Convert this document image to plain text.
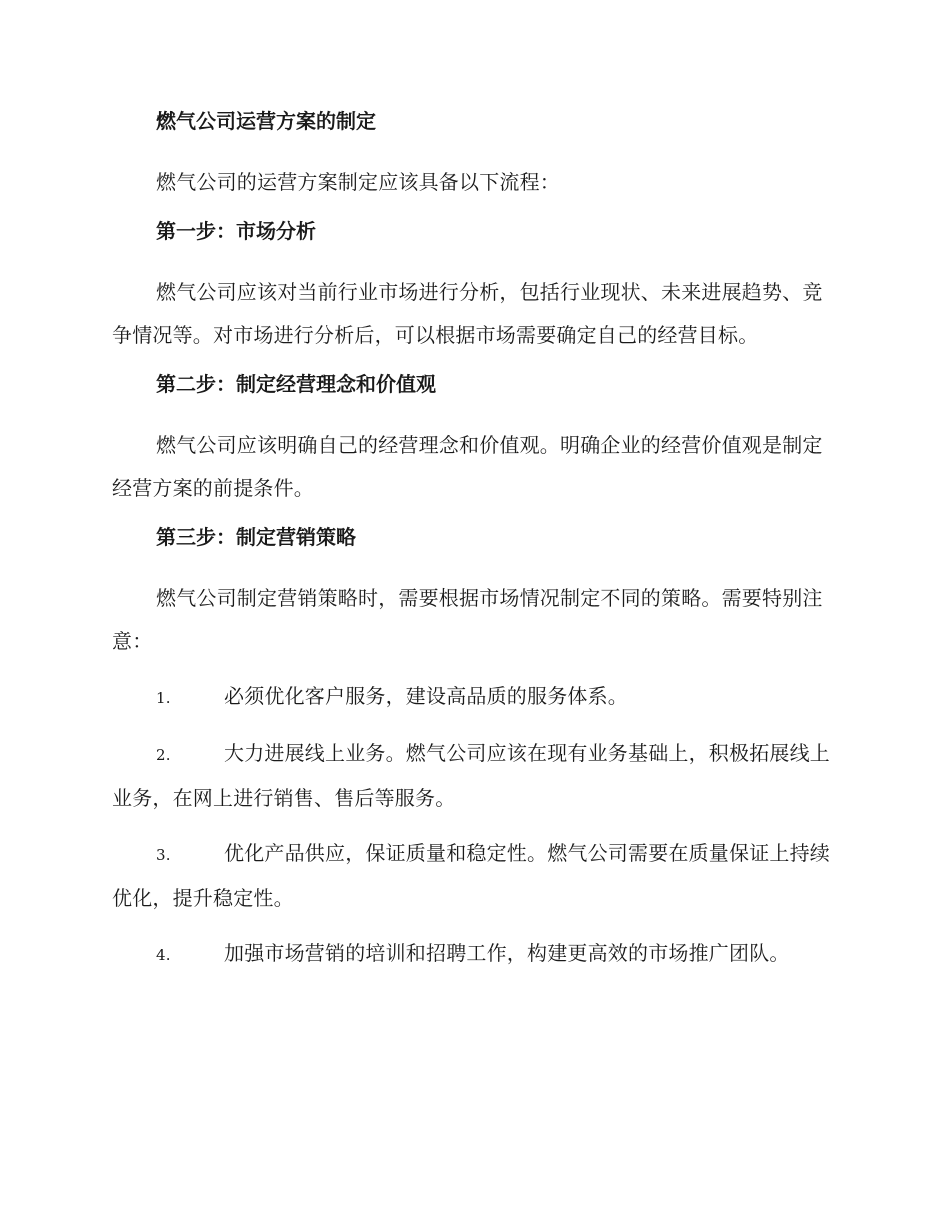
燃气公司运营方案的制定

燃气公司的运营方案制定应该具备以下流程：

第一步：市场分析

燃气公司应该对当前行业市场进行分析，包括行业现状、未来进展趋势、竞争情况等。对市场进行分析后，可以根据市场需要确定自己的经营目标。

第二步：制定经营理念和价值观

燃气公司应该明确自己的经营理念和价值观。明确企业的经营价值观是制定经营方案的前提条件。

第三步：制定营销策略

燃气公司制定营销策略时，需要根据市场情况制定不同的策略。需要特别注意：

1.	必须优化客户服务，建设高品质的服务体系。

2.	大力进展线上业务。燃气公司应该在现有业务基础上，积极拓展线上业务，在网上进行销售、售后等服务。

3.	优化产品供应，保证质量和稳定性。燃气公司需要在质量保证上持续优化，提升稳定性。

4.	加强市场营销的培训和招聘工作，构建更高效的市场推广团队。
